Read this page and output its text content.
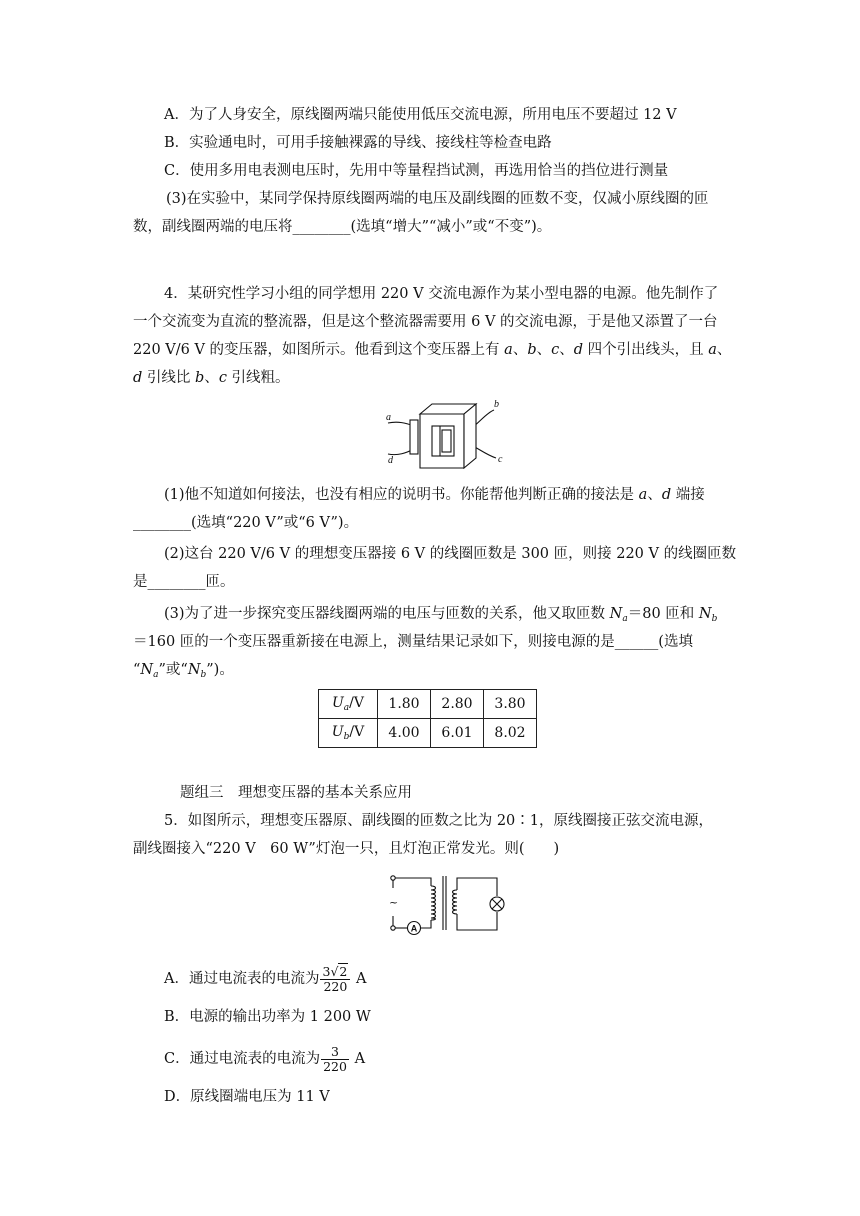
A．为了人身安全，原线圈两端只能使用低压交流电源，所用电压不要超过 12 V
B．实验通电时，可用手接触裸露的导线、接线柱等检查电路
C．使用多用电表测电压时，先用中等量程挡试测，再选用恰当的挡位进行测量
(3)在实验中，某同学保持原线圈两端的电压及副线圈的匝数不变，仅减小原线圈的匝
数，副线圈两端的电压将________(选填“增大”“减小”或“不变”)。
4．某研究性学习小组的同学想用 220 V 交流电源作为某小型电器的电源。他先制作了
一个交流变为直流的整流器，但是这个整流器需要用 6 V 的交流电源，于是他又添置了一台
220 V/6 V 的变压器，如图所示。他看到这个变压器上有 a、b、c、d 四个引出线头，且 a、
d 引线比 b、c 引线粗。
a
d
b
c
(1)他不知道如何接法，也没有相应的说明书。你能帮他判断正确的接法是 a、d 端接
________(选填“220 V”或“6 V”)。
(2)这台 220 V/6 V 的理想变压器接 6 V 的线圈匝数是 300 匝，则接 220 V 的线圈匝数
是________匝。
(3)为了进一步探究变压器线圈两端的电压与匝数的关系，他又取匝数 $N_a=80$ 匝和 $N_b$
＝160 匝的一个变压器重新接在电源上，测量结果记录如下，则接电源的是______(选填
“$N_a$”或“$N_b$”)。
$U_a/V$	1.80	2.80	3.80
$U_b/V$	4.00	6.01	8.02
题组三　理想变压器的基本关系应用
5．如图所示，理想变压器原、副线圈的匝数之比为 20∶1，原线圈接正弦交流电源，
副线圈接入“220 V　60 W”灯泡一只，且灯泡正常发光。则(　　)
~
A
A．通过电流表的电流为 $\frac{3√2}{220}$ A
B．电源的输出功率为 1 200 W
C．通过电流表的电流为 $\frac{3}{220}$ A
D．原线圈端电压为 11 V
